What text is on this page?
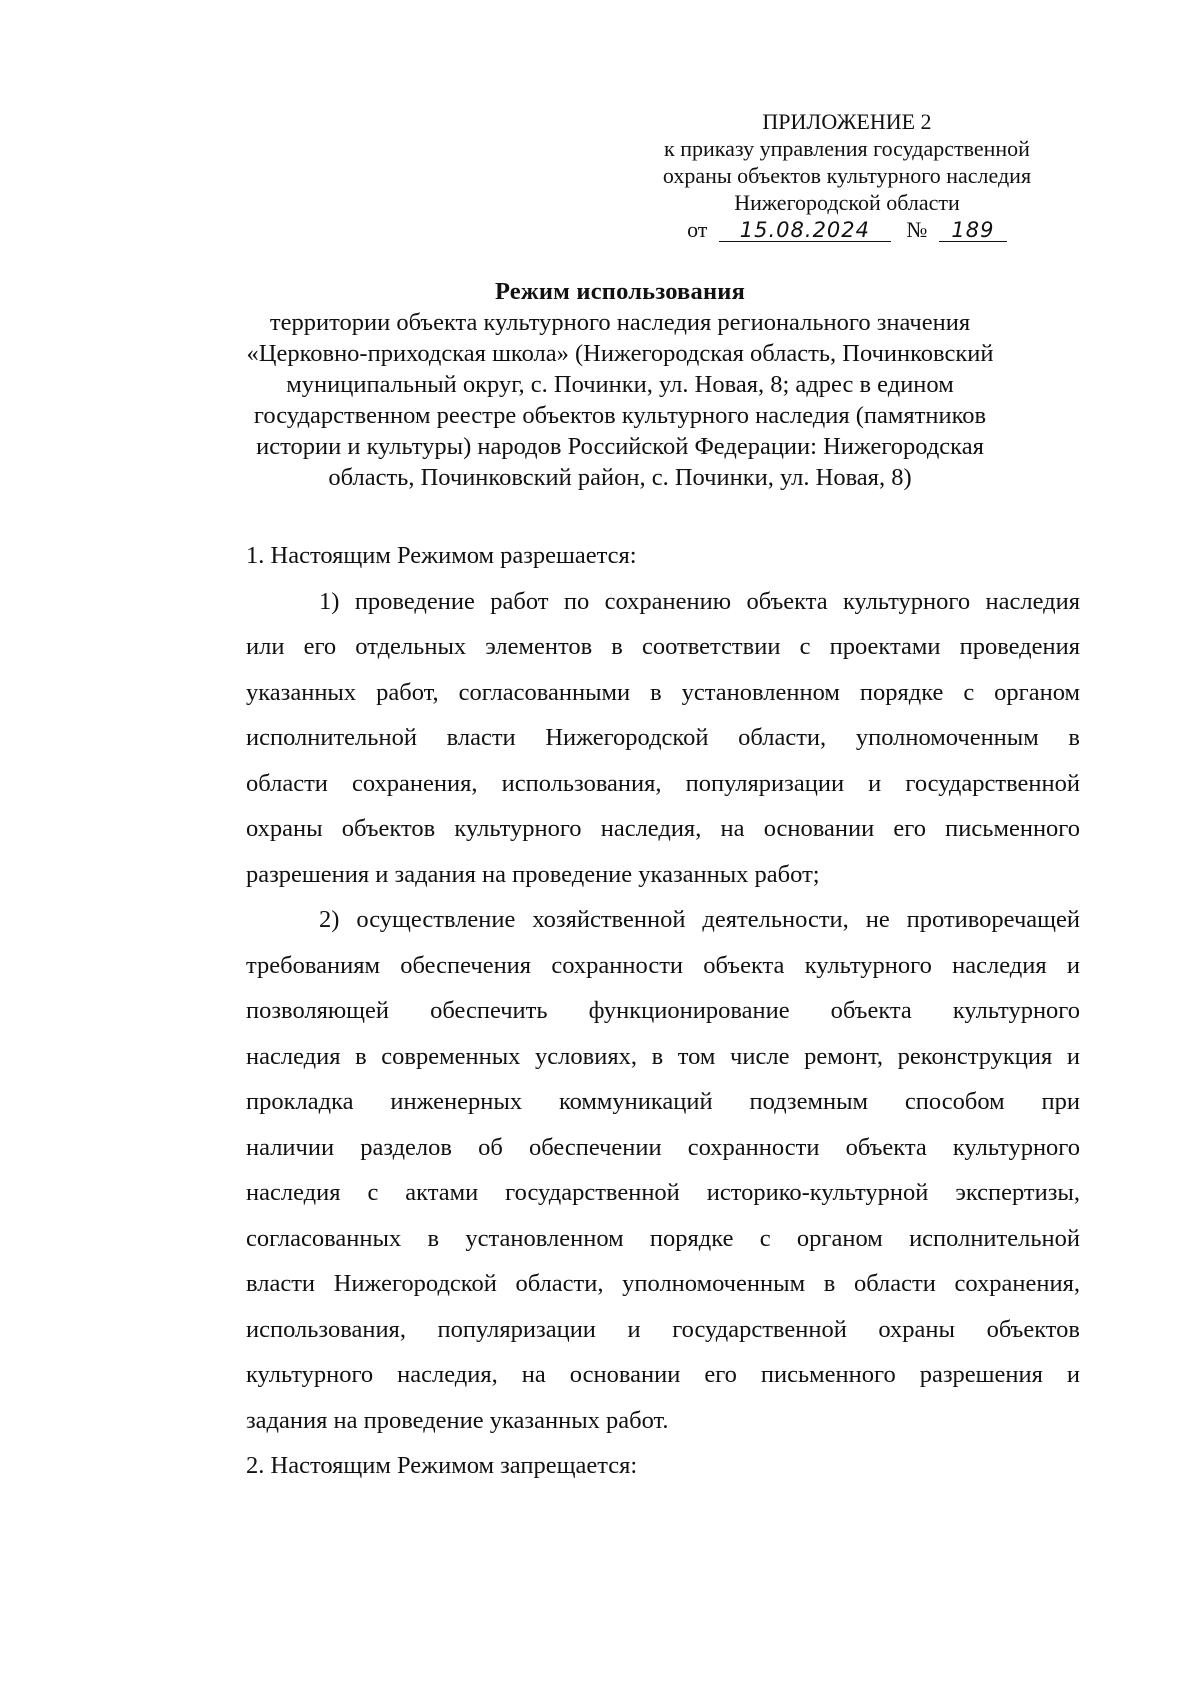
ПРИЛОЖЕНИЕ 2
к приказу управления государственной
охраны объектов культурного наследия
Нижегородской области
от 15.08.2024 № 189
Режим использования
территории объекта культурного наследия регионального значения
«Церковно-приходская школа» (Нижегородская область, Починковский
муниципальный округ, с. Починки, ул. Новая, 8; адрес в едином
государственном реестре объектов культурного наследия (памятников
истории и культуры) народов Российской Федерации: Нижегородская
область, Починковский район, с. Починки, ул. Новая, 8)

1. Настоящим Режимом разрешается:

1) проведение работ по сохранению объекта культурного наследия
или его отдельных элементов в соответствии с проектами проведения
указанных работ, согласованными в установленном порядке с органом
исполнительной власти Нижегородской области, уполномоченным в
области сохранения, использования, популяризации и государственной
охраны объектов культурного наследия, на основании его письменного
разрешения и задания на проведение указанных работ;
2) осуществление хозяйственной деятельности, не противоречащей
требованиям обеспечения сохранности объекта культурного наследия и
позволяющей обеспечить функционирование объекта культурного
наследия в современных условиях, в том числе ремонт, реконструкция и
прокладка инженерных коммуникаций подземным способом при
наличии разделов об обеспечении сохранности объекта культурного
наследия с актами государственной историко-культурной экспертизы,
согласованных в установленном порядке с органом исполнительной
власти Нижегородской области, уполномоченным в области сохранения,
использования, популяризации и государственной охраны объектов
культурного наследия, на основании его письменного разрешения и
задания на проведение указанных работ.

2. Настоящим Режимом запрещается:
